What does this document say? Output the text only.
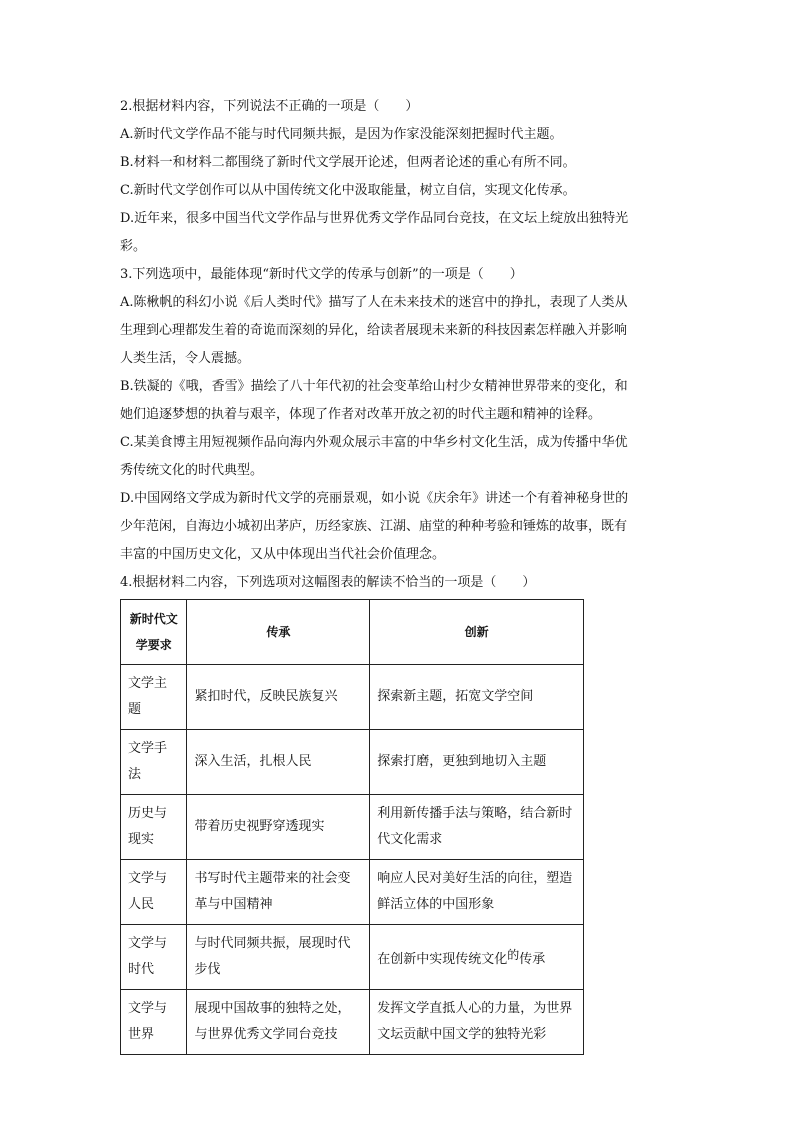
2.根据材料内容，下列说法不正确的一项是（　　）

A.新时代文学作品不能与时代同频共振，是因为作家没能深刻把握时代主题。

B.材料一和材料二都围绕了新时代文学展开论述，但两者论述的重心有所不同。

C.新时代文学创作可以从中国传统文化中汲取能量，树立自信，实现文化传承。

D.近年来，很多中国当代文学作品与世界优秀文学作品同台竞技，在文坛上绽放出独特光

彩。

3.下列选项中，最能体现“新时代文学的传承与创新”的一项是（　　）

A.陈楸帆的科幻小说《后人类时代》描写了人在未来技术的迷宫中的挣扎，表现了人类从

生理到心理都发生着的奇诡而深刻的异化，给读者展现未来新的科技因素怎样融入并影响

人类生活，令人震撼。

B.铁凝的《哦，香雪》描绘了八十年代初的社会变革给山村少女精神世界带来的变化，和

她们追逐梦想的执着与艰辛，体现了作者对改革开放之初的时代主题和精神的诠释。

C.某美食博主用短视频作品向海内外观众展示丰富的中华乡村文化生活，成为传播中华优

秀传统文化的时代典型。

D.中国网络文学成为新时代文学的亮丽景观，如小说《庆余年》讲述一个有着神秘身世的

少年范闲，自海边小城初出茅庐，历经家族、江湖、庙堂的种种考验和锤炼的故事，既有

丰富的中国历史文化，又从中体现出当代社会价值理念。

4.根据材料二内容，下列选项对这幅图表的解读不恰当的一项是（　　）

新时代文学要求	传承	创新
文学主题	紧扣时代，反映民族复兴	探索新主题，拓宽文学空间
文学手法	深入生活，扎根人民	探索打磨，更独到地切入主题
历史与现实	带着历史视野穿透现实	利用新传播手法与策略，结合新时代文化需求
文学与人民	书写时代主题带来的社会变革与中国精神	响应人民对美好生活的向往，塑造鲜活立体的中国形象
文学与时代	与时代同频共振，展现时代步伐	在创新中实现传统文化$^的$传承
文学与世界	展现中国故事的独特之处，与世界优秀文学同台竞技	发挥文学直抵人心的力量，为世界文坛贡献中国文学的独特光彩
